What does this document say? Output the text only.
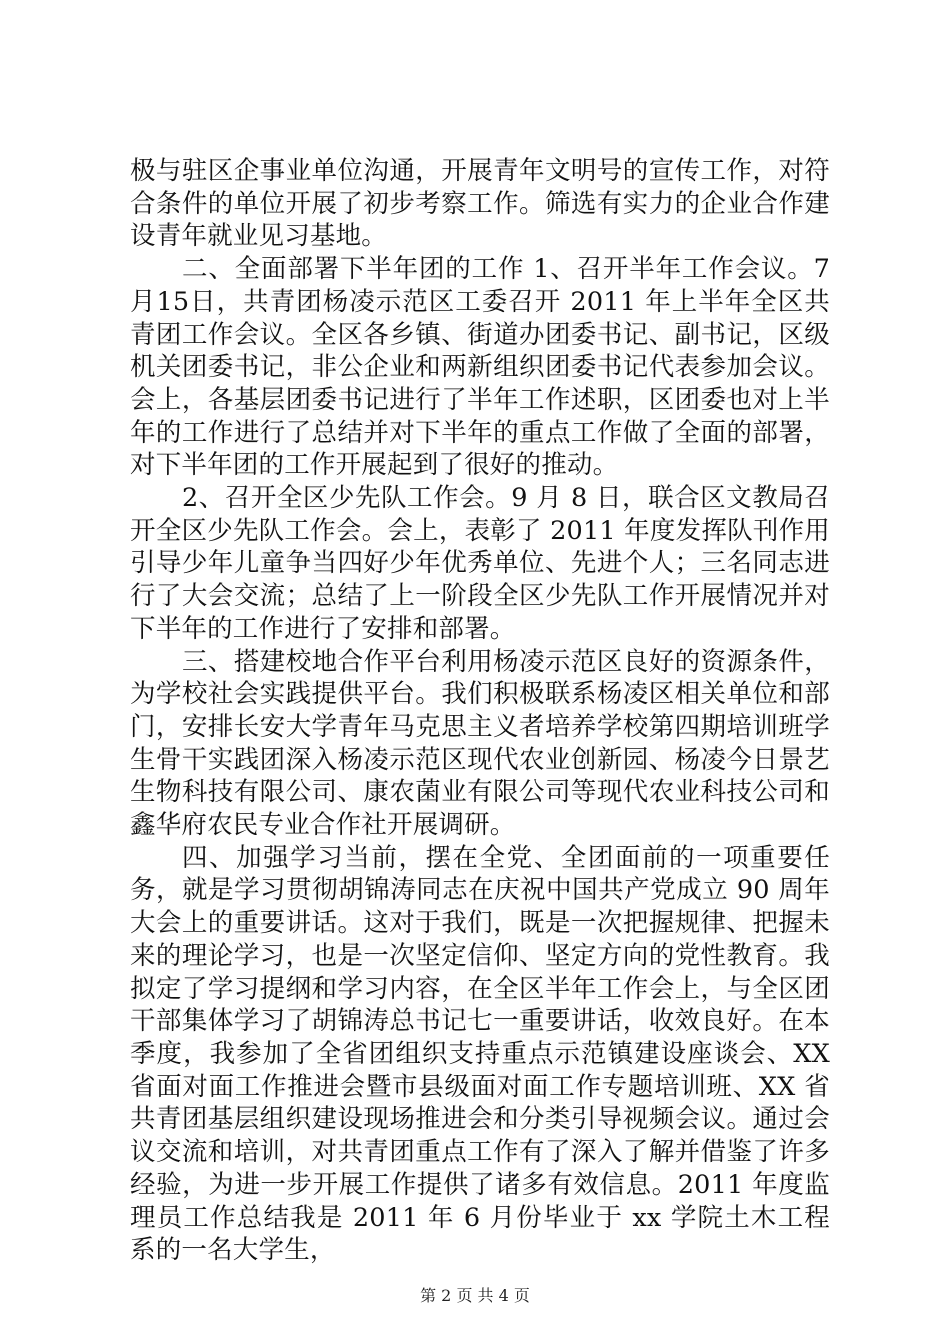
极与驻区企事业单位沟通，开展青年文明号的宣传工作，对符合条件的单位开展了初步考察工作。筛选有实力的企业合作建设青年就业见习基地。

二、全面部署下半年团的工作 1、召开半年工作会议。7月15日，共青团杨凌示范区工委召开 2011 年上半年全区共青团工作会议。全区各乡镇、街道办团委书记、副书记，区级机关团委书记，非公企业和两新组织团委书记代表参加会议。会上，各基层团委书记进行了半年工作述职，区团委也对上半年的工作进行了总结并对下半年的重点工作做了全面的部署，对下半年团的工作开展起到了很好的推动。

2、召开全区少先队工作会。9 月 8 日，联合区文教局召开全区少先队工作会。会上，表彰了 2011 年度发挥队刊作用引导少年儿童争当四好少年优秀单位、先进个人；三名同志进行了大会交流；总结了上一阶段全区少先队工作开展情况并对下半年的工作进行了安排和部署。

三、搭建校地合作平台利用杨凌示范区良好的资源条件，为学校社会实践提供平台。我们积极联系杨凌区相关单位和部门，安排长安大学青年马克思主义者培养学校第四期培训班学生骨干实践团深入杨凌示范区现代农业创新园、杨凌今日景艺生物科技有限公司、康农菌业有限公司等现代农业科技公司和鑫华府农民专业合作社开展调研。

四、加强学习当前，摆在全党、全团面前的一项重要任务，就是学习贯彻胡锦涛同志在庆祝中国共产党成立 90 周年大会上的重要讲话。这对于我们，既是一次把握规律、把握未来的理论学习，也是一次坚定信仰、坚定方向的党性教育。我拟定了学习提纲和学习内容，在全区半年工作会上，与全区团干部集体学习了胡锦涛总书记七一重要讲话，收效良好。在本季度，我参加了全省团组织支持重点示范镇建设座谈会、XX 省面对面工作推进会暨市县级面对面工作专题培训班、XX 省共青团基层组织建设现场推进会和分类引导视频会议。通过会议交流和培训，对共青团重点工作有了深入了解并借鉴了许多经验，为进一步开展工作提供了诸多有效信息。2011 年度监理员工作总结我是 2011 年 6 月份毕业于 xx 学院土木工程系的一名大学生，

第 2 页 共 4 页
